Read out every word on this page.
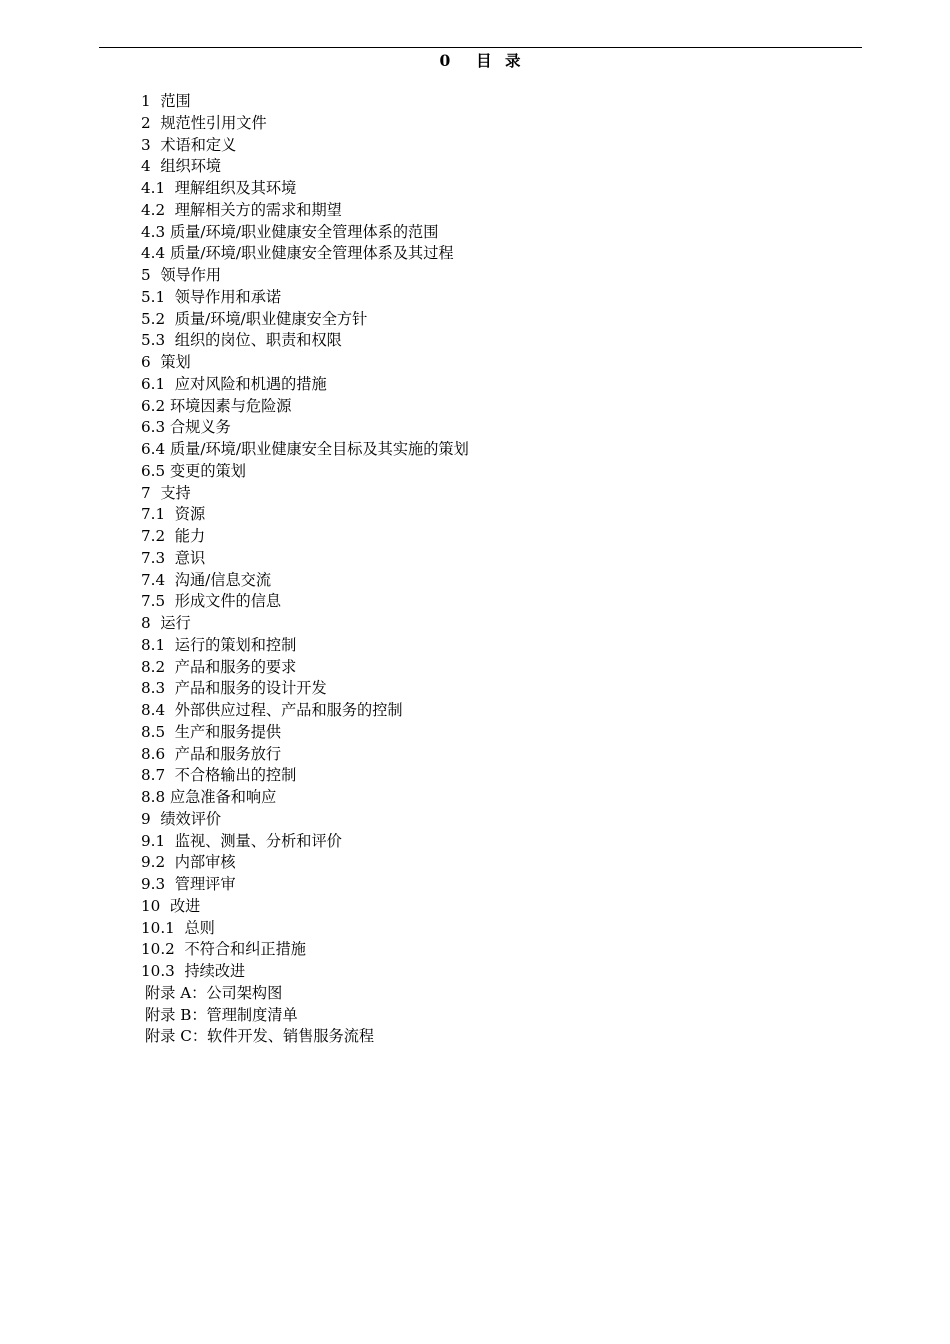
0  目 录
1  范围
2  规范性引用文件
3  术语和定义
4  组织环境
4.1  理解组织及其环境
4.2  理解相关方的需求和期望
4.3 质量/环境/职业健康安全管理体系的范围
4.4 质量/环境/职业健康安全管理体系及其过程
5  领导作用
5.1  领导作用和承诺
5.2  质量/环境/职业健康安全方针
5.3  组织的岗位、职责和权限
6  策划
6.1  应对风险和机遇的措施
6.2 环境因素与危险源
6.3 合规义务
6.4 质量/环境/职业健康安全目标及其实施的策划
6.5 变更的策划
7  支持
7.1  资源
7.2  能力
7.3  意识
7.4  沟通/信息交流
7.5  形成文件的信息
8  运行
8.1  运行的策划和控制
8.2  产品和服务的要求
8.3  产品和服务的设计开发
8.4  外部供应过程、产品和服务的控制
8.5  生产和服务提供
8.6  产品和服务放行
8.7  不合格输出的控制
8.8 应急准备和响应
9  绩效评价
9.1  监视、测量、分析和评价
9.2  内部审核
9.3  管理评审
10  改进
10.1  总则
10.2  不符合和纠正措施
10.3  持续改进
附录 A：公司架构图
附录 B：管理制度清单
附录 C：软件开发、销售服务流程
